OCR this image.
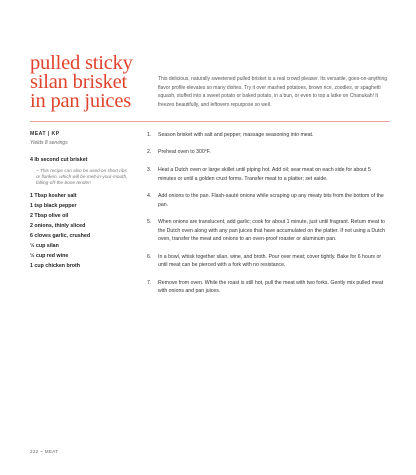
pulled sticky
silan brisket
in pan juices

This delicious, naturally sweetened pulled brisket is a real crowd pleaser. Its versatile, goes-on-anything flavor profile elevates so many dishes. Try it over mashed potatoes, brown rice, zoodles, or spaghetti squash, stuffed into a sweet potato or baked potato, in a bun, or even to top a latke on Chanukah! It freezes beautifully, and leftovers repurpose so well.

MEAT | KP
Yields 8 servings
4 lb second cut brisket
~ This recipe can also be used on short ribs or flanken, which will be melt-in-your-mouth, falling-off-the-bone tender!
1 Tbsp kosher salt
1 tsp black pepper
2 Tbsp olive oil
2 onions, thinly sliced
6 cloves garlic, crushed
½ cup silan
½ cup red wine
1 cup chicken broth
1.	Season brisket with salt and pepper; massage seasoning into meat.
2.	Preheat oven to 300°F.
3.	Heat a Dutch oven or large skillet until piping hot. Add oil; sear meat on each side for about 5 minutes or until a golden crust forms. Transfer meat to a platter; set aside.
4.	Add onions to the pan. Flash-sauté onions while scraping up any meaty bits from the bottom of the pan.
5.	When onions are translucent, add garlic; cook for about 1 minute, just until fragrant. Return meat to the Dutch oven along with any pan juices that have accumulated on the platter. If not using a Dutch oven, transfer the meat and onions to an oven-proof roaster or aluminum pan.
6.	In a bowl, whisk together silan, wine, and broth. Pour over meat; cover tightly. Bake for 6 hours or until meat can be pierced with a fork with no resistance.
7.	Remove from oven. While the roast is still hot, pull the meat with two forks. Gently mix pulled meat with onions and pan juices.
222 ~ MEAT
